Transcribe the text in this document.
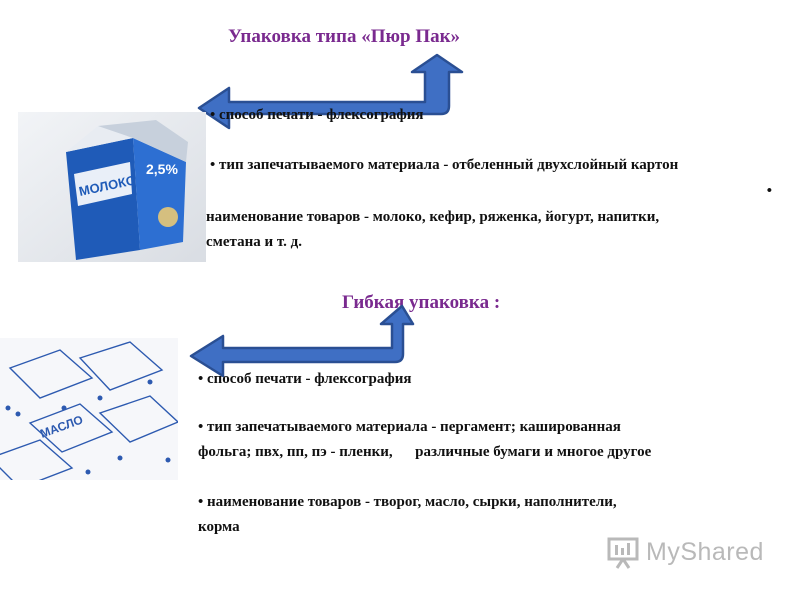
Упаковка типа «Пюр Пак»
МОЛОКО
2,5%
• способ печати - флексография
• тип запечатываемого материала - отбеленный двухслойный картон
•
наименование товаров - молоко, кефир, ряженка, йогурт, напитки,
сметана и т. д.
Гибкая упаковка :
МАСЛО
• способ печати - флексография
• тип запечатываемого материала - пергамент; кашированная
фольга; пвх, пп, пэ - пленки,      различные бумаги и многое другое
• наименование товаров - творог, масло, сырки, наполнители,
корма
MyShared
